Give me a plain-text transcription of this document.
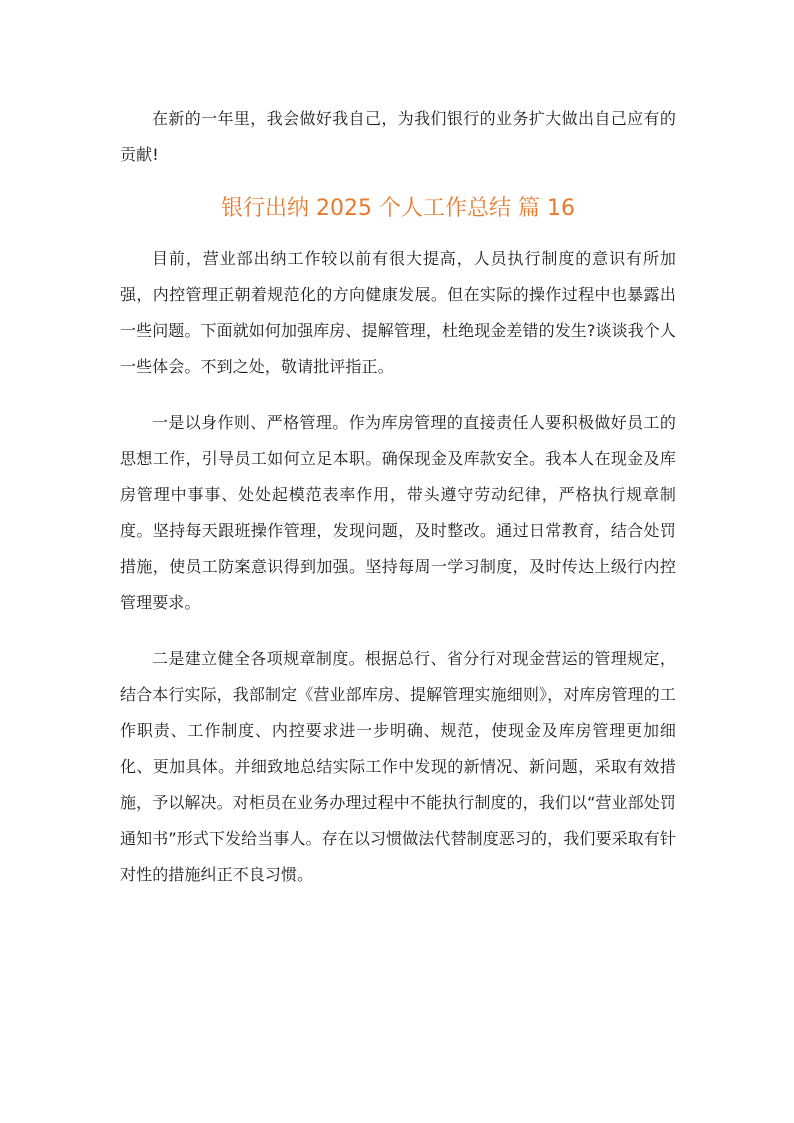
在新的一年里，我会做好我自己，为我们银行的业务扩大做出自己应有的贡献!

银行出纳 2025 个人工作总结 篇 16

目前，营业部出纳工作较以前有很大提高，人员执行制度的意识有所加强，内控管理正朝着规范化的方向健康发展。但在实际的操作过程中也暴露出一些问题。下面就如何加强库房、提解管理，杜绝现金差错的发生?谈谈我个人一些体会。不到之处，敬请批评指正。

一是以身作则、严格管理。作为库房管理的直接责任人要积极做好员工的思想工作，引导员工如何立足本职。确保现金及库款安全。我本人在现金及库房管理中事事、处处起模范表率作用，带头遵守劳动纪律，严格执行规章制度。坚持每天跟班操作管理，发现问题，及时整改。通过日常教育，结合处罚措施，使员工防案意识得到加强。坚持每周一学习制度，及时传达上级行内控管理要求。

二是建立健全各项规章制度。根据总行、省分行对现金营运的管理规定，结合本行实际，我部制定《营业部库房、提解管理实施细则》，对库房管理的工作职责、工作制度、内控要求进一步明确、规范，使现金及库房管理更加细化、更加具体。并细致地总结实际工作中发现的新情况、新问题，采取有效措施，予以解决。对柜员在业务办理过程中不能执行制度的，我们以“营业部处罚通知书”形式下发给当事人。存在以习惯做法代替制度恶习的，我们要采取有针对性的措施纠正不良习惯。
